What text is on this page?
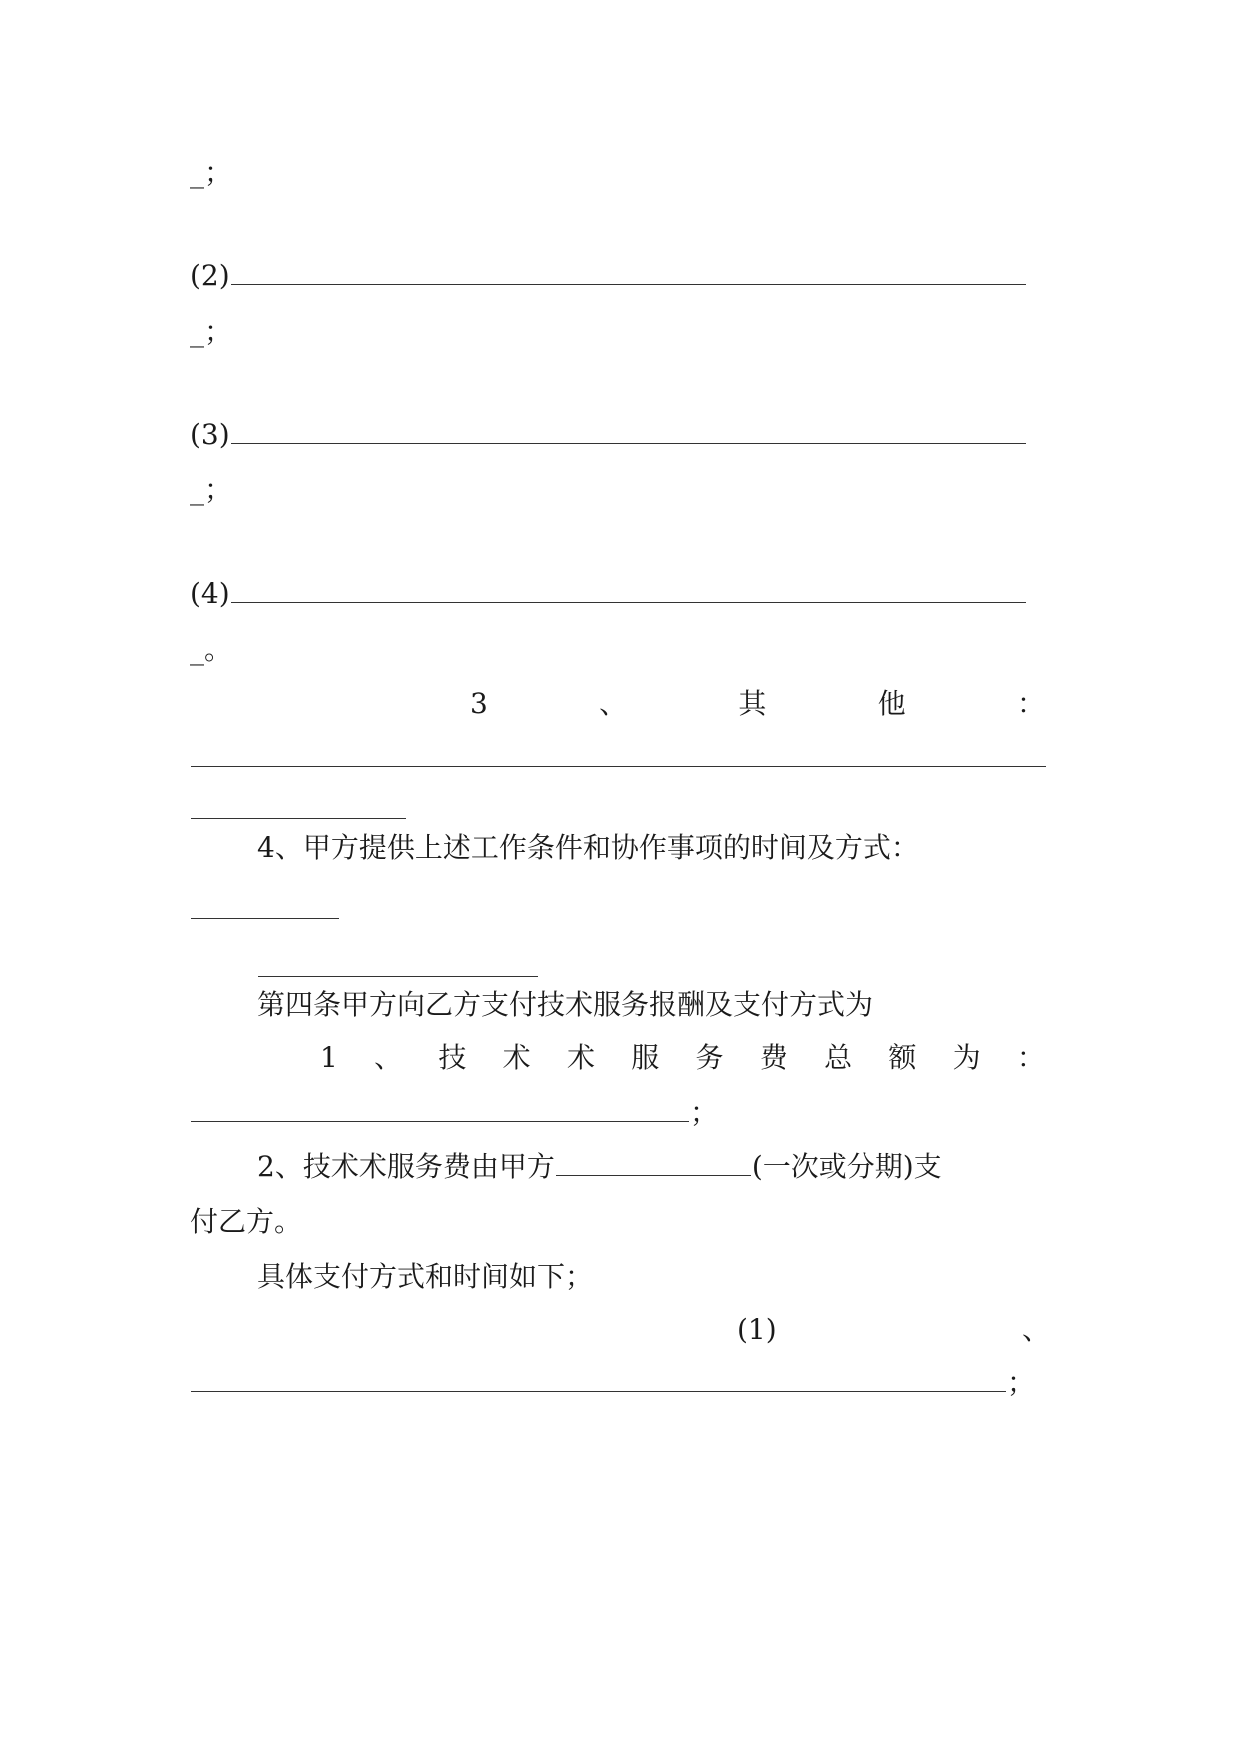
_；
(2)
_；
(3)
_；
(4)
_。
3	、	其	他	：
4、甲方提供上述工作条件和协作事项的时间及方式：
第四条甲方向乙方支付技术服务报酬及支付方式为
1 、 技 术 术 服 务 费 总 额 为 ：
；
2、技术术服务费由甲方	(一次或分期)支
付乙方。
具体支付方式和时间如下；
(1)	、
；
